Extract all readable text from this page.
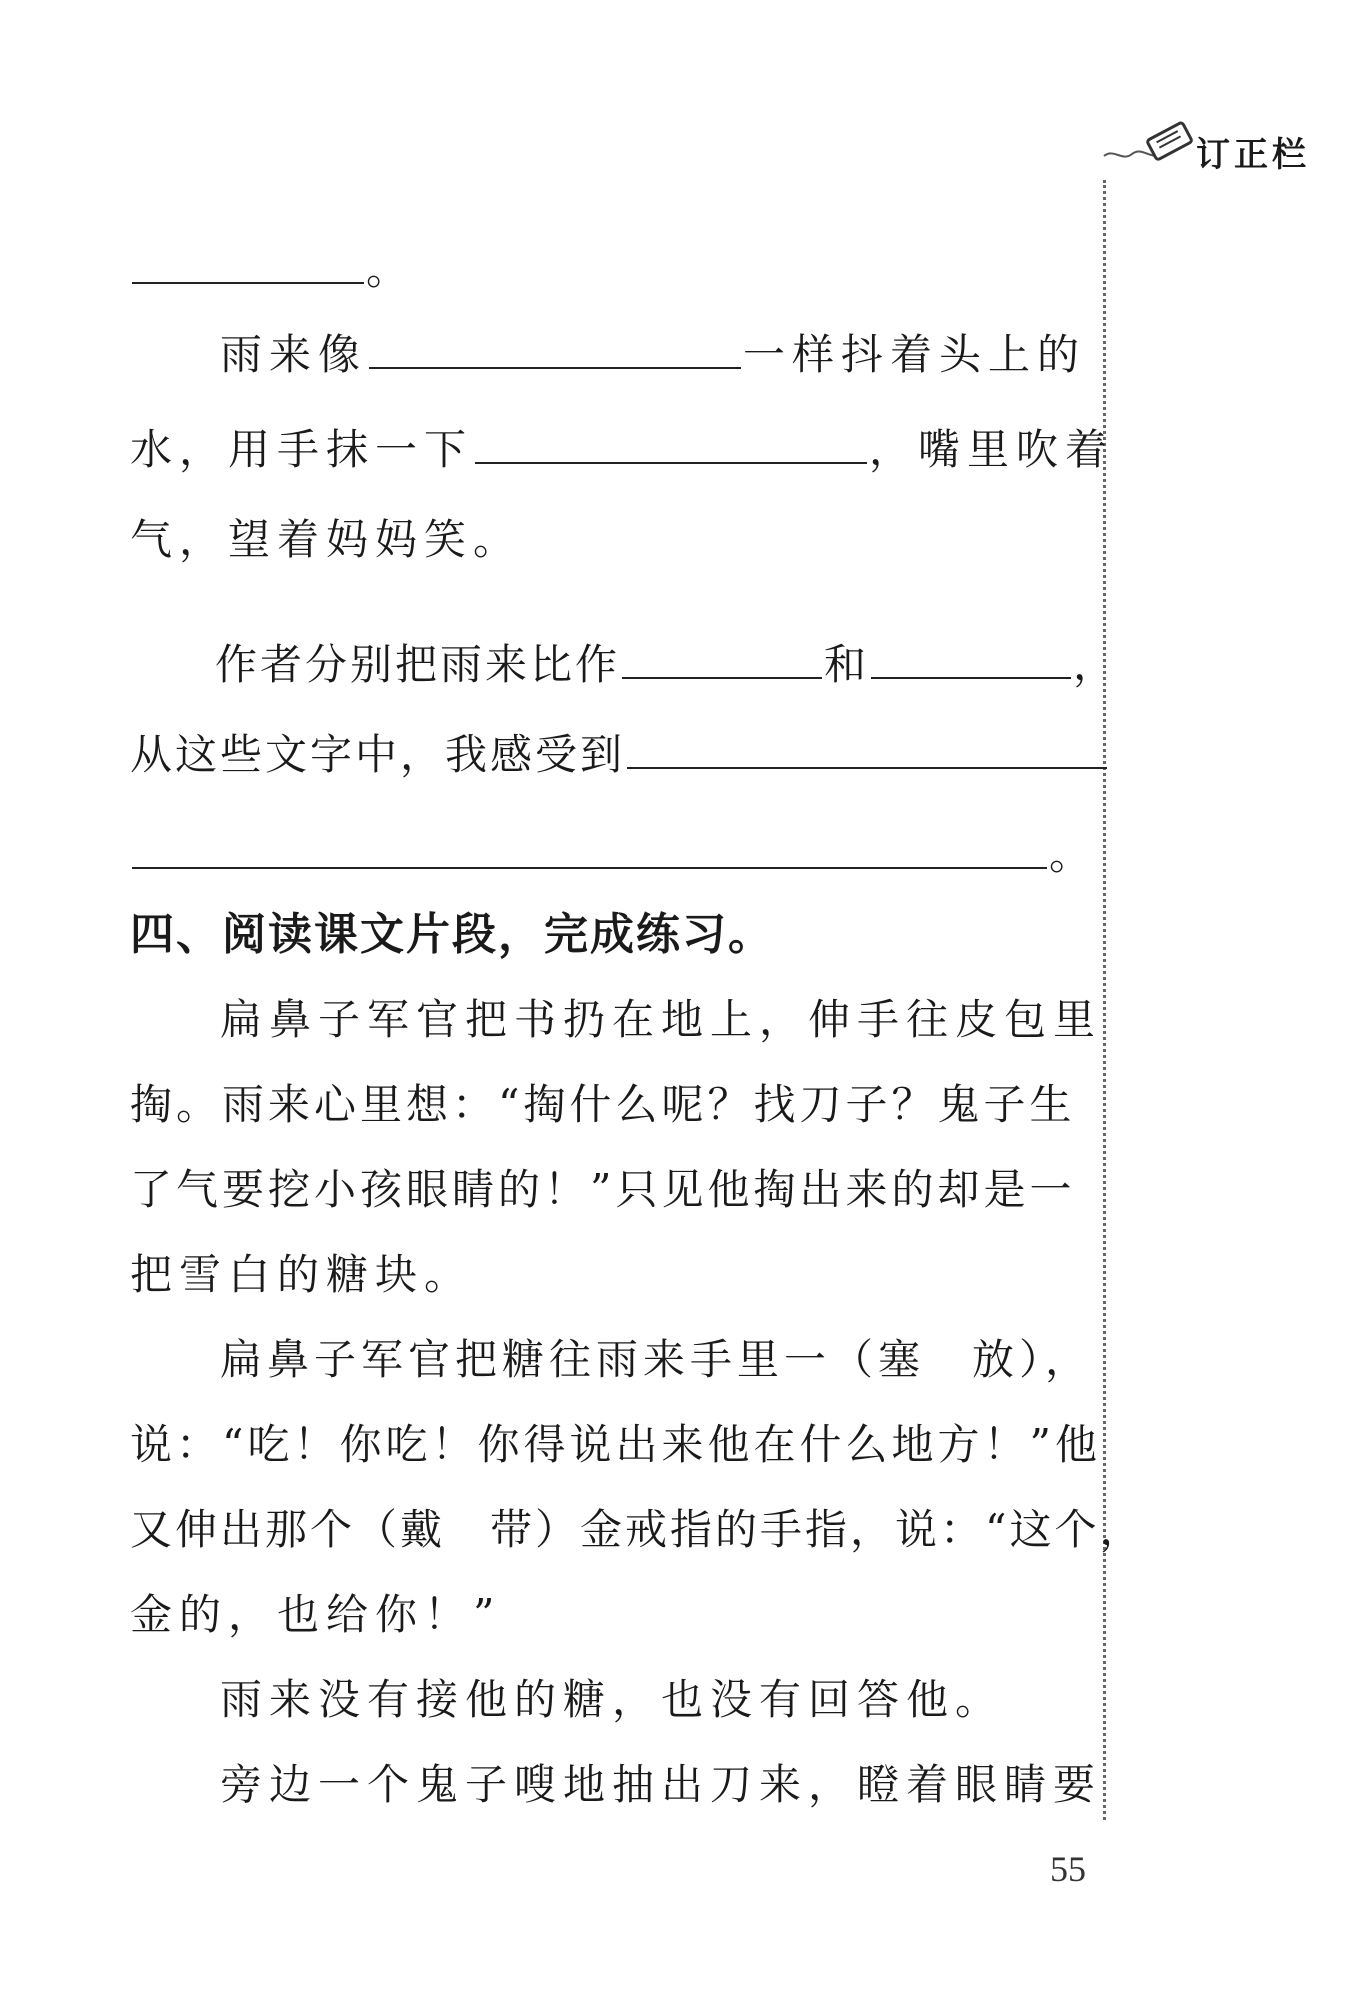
订正栏
。
雨来像	一样抖着头上的
水，用手抹一下	，嘴里吹着
气，望着妈妈笑。
作者分别把雨来比作	和	，
从这些文字中，我感受到
。
四、阅读课文片段，完成练习。
扁鼻子军官把书扔在地上，伸手往皮包里
掏。雨来心里想：“掏什么呢？找刀子？鬼子生
了气要挖小孩眼睛的！”只见他掏出来的却是一
把雪白的糖块。
扁鼻子军官把糖往雨来手里一（塞　放），
说：“吃！你吃！你得说出来他在什么地方！”他
又伸出那个（戴　带）金戒指的手指，说：“这个，
金的，也给你！”
雨来没有接他的糖，也没有回答他。
旁边一个鬼子嗖地抽出刀来，瞪着眼睛要
55
